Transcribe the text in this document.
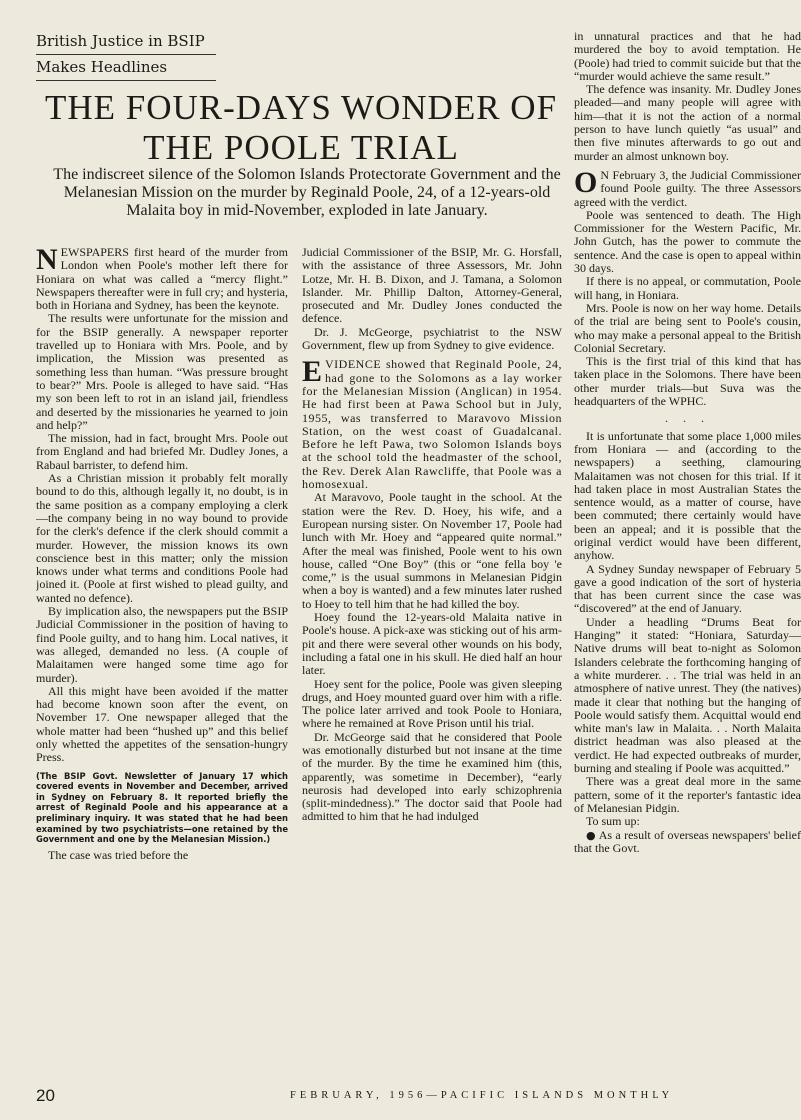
British Justice in BSIP
Makes Headlines
THE FOUR-DAYS WONDER OF THE POOLE TRIAL

The indiscreet silence of the Solomon Islands Protectorate Government and the Melanesian Mission on the murder by Reginald Poole, 24, of a 12-years-old Malaita boy in mid-November, exploded in late January.

NEWSPAPERS first heard of the murder from London when Poole's mother left there for Honiara on what was called a “mercy flight.” Newspapers thereafter were in full cry; and hysteria, both in Horiana and Sydney, has been the keynote.

The results were unfortunate for the mission and for the BSIP generally. A newspaper reporter travelled up to Honiara with Mrs. Poole, and by implication, the Mission was presented as something less than human. “Was pressure brought to bear?” Mrs. Poole is alleged to have said. “Has my son been left to rot in an island jail, friendless and deserted by the missionaries he yearned to join and help?”

The mission, had in fact, brought Mrs. Poole out from England and had briefed Mr. Dudley Jones, a Rabaul barrister, to defend him.

As a Christian mission it probably felt morally bound to do this, although legally it, no doubt, is in the same position as a company employing a clerk—the company being in no way bound to provide for the clerk's defence if the clerk should commit a murder. However, the mission knows its own conscience best in this matter; only the mission knows under what terms and conditions Poole had joined it. (Poole at first wished to plead guilty, and wanted no defence).

By implication also, the newspapers put the BSIP Judicial Commissioner in the position of having to find Poole guilty, and to hang him. Local natives, it was alleged, demanded no less. (A couple of Malaitamen were hanged some time ago for murder).

All this might have been avoided if the matter had become known soon after the event, on November 17. One newspaper alleged that the whole matter had been “hushed up” and this belief only whetted the appetites of the sensation-hungry Press.

(The BSIP Govt. Newsletter of January 17 which covered events in November and December, arrived in Sydney on February 8. It reported briefly the arrest of Reginald Poole and his appearance at a preliminary inquiry. It was stated that he had been examined by two psychiatrists—one retained by the Government and one by the Melanesian Mission.)

The case was tried before the

Judicial Commissioner of the BSIP, Mr. G. Horsfall, with the assistance of three Assessors, Mr. John Lotze, Mr. H. B. Dixon, and J. Tamana, a Solomon Islander. Mr. Phillip Dalton, Attorney-General, prosecuted and Mr. Dudley Jones conducted the defence.

Dr. J. McGeorge, psychiatrist to the NSW Government, flew up from Sydney to give evidence.

EVIDENCE showed that Reginald Poole, 24, had gone to the Solomons as a lay worker for the Melanesian Mission (Anglican) in 1954. He had first been at Pawa School but in July, 1955, was transferred to Maravovo Mission Station, on the west coast of Guadalcanal. Before he left Pawa, two Solomon Islands boys at the school told the headmaster of the school, the Rev. Derek Alan Rawcliffe, that Poole was a homosexual.

At Maravovo, Poole taught in the school. At the station were the Rev. D. Hoey, his wife, and a European nursing sister. On November 17, Poole had lunch with Mr. Hoey and “appeared quite normal.” After the meal was finished, Poole went to his own house, called “One Boy” (this or “one fella boy 'e come,” is the usual summons in Melanesian Pidgin when a boy is wanted) and a few minutes later rushed to Hoey to tell him that he had killed the boy.

Hoey found the 12-years-old Malaita native in Poole's house. A pick-axe was sticking out of his arm-pit and there were several other wounds on his body, including a fatal one in his skull. He died half an hour later.

Hoey sent for the police, Poole was given sleeping drugs, and Hoey mounted guard over him with a rifle. The police later arrived and took Poole to Honiara, where he remained at Rove Prison until his trial.

Dr. McGeorge said that he considered that Poole was emotionally disturbed but not insane at the time of the murder. By the time he examined him (this, apparently, was sometime in December), “early neurosis had developed into early schizophrenia (split-mindedness).” The doctor said that Poole had admitted to him that he had indulged

in unnatural practices and that he had murdered the boy to avoid temptation. He (Poole) had tried to commit suicide but that the “murder would achieve the same result.”

The defence was insanity. Mr. Dudley Jones pleaded—and many people will agree with him—that it is not the action of a normal person to have lunch quietly “as usual” and then five minutes afterwards to go out and murder an almost unknown boy.

O N February 3, the Judicial Commissioner found Poole guilty. The three Assessors agreed with the verdict.

Poole was sentenced to death. The High Commissioner for the Western Pacific, Mr. John Gutch, has the power to commute the sentence. And the case is open to appeal within 30 days.

If there is no appeal, or commutation, Poole will hang, in Honiara.

Mrs. Poole is now on her way home. Details of the trial are being sent to Poole's cousin, who may make a personal appeal to the British Colonial Secretary.

This is the first trial of this kind that has taken place in the Solomons. There have been other murder trials—but Suva was the headquarters of the WPHC.

. . .

It is unfortunate that some place 1,000 miles from Honiara — and (according to the newspapers) a seething, clamouring Malaitamen was not chosen for this trial. If it had taken place in most Australian States the sentence would, as a matter of course, have been commuted; there certainly would have been an appeal; and it is possible that the original verdict would have been different, anyhow.

A Sydney Sunday newspaper of February 5 gave a good indication of the sort of hysteria that has been current since the case was “discovered” at the end of January.

Under a headling “Drums Beat for Hanging” it stated: “Honiara, Saturday—Native drums will beat to-night as Solomon Islanders celebrate the forthcoming hanging of a white murderer. . . The trial was held in an atmosphere of native unrest. They (the natives) made it clear that nothing but the hanging of Poole would satisfy them. Acquittal would end white man's law in Malaita. . . North Malaita district headman was also pleased at the verdict. He had expected outbreaks of murder, burning and stealing if Poole was acquitted.”

There was a great deal more in the same pattern, some of it the reporter's fantastic idea of Melanesian Pidgin.

To sum up:

● As a result of overseas newspapers' belief that the Govt.

20	FEBRUARY, 1956—PACIFIC ISLANDS MONTHLY
